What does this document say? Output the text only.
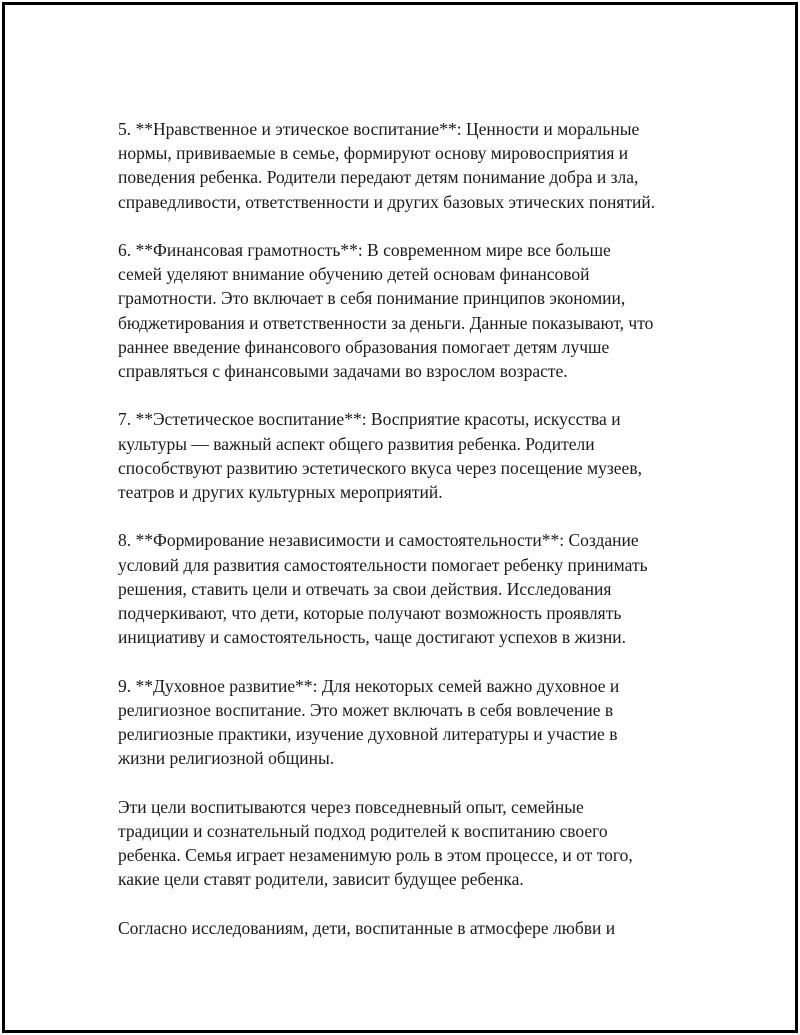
5. **Нравственное и этическое воспитание**: Ценности и моральные
нормы, прививаемые в семье, формируют основу мировосприятия и
поведения ребенка. Родители передают детям понимание добра и зла,
справедливости, ответственности и других базовых этических понятий.

6. **Финансовая грамотность**: В современном мире все больше
семей уделяют внимание обучению детей основам финансовой
грамотности. Это включает в себя понимание принципов экономии,
бюджетирования и ответственности за деньги. Данные показывают, что
раннее введение финансового образования помогает детям лучше
справляться с финансовыми задачами во взрослом возрасте.

7. **Эстетическое воспитание**: Восприятие красоты, искусства и
культуры — важный аспект общего развития ребенка. Родители
способствуют развитию эстетического вкуса через посещение музеев,
театров и других культурных мероприятий.

8. **Формирование независимости и самостоятельности**: Создание
условий для развития самостоятельности помогает ребенку принимать
решения, ставить цели и отвечать за свои действия. Исследования
подчеркивают, что дети, которые получают возможность проявлять
инициативу и самостоятельность, чаще достигают успехов в жизни.

9. **Духовное развитие**: Для некоторых семей важно духовное и
религиозное воспитание. Это может включать в себя вовлечение в
религиозные практики, изучение духовной литературы и участие в
жизни религиозной общины.

Эти цели воспитываются через повседневный опыт, семейные
традиции и сознательный подход родителей к воспитанию своего
ребенка. Семья играет незаменимую роль в этом процессе, и от того,
какие цели ставят родители, зависит будущее ребенка.

Согласно исследованиям, дети, воспитанные в атмосфере любви и
